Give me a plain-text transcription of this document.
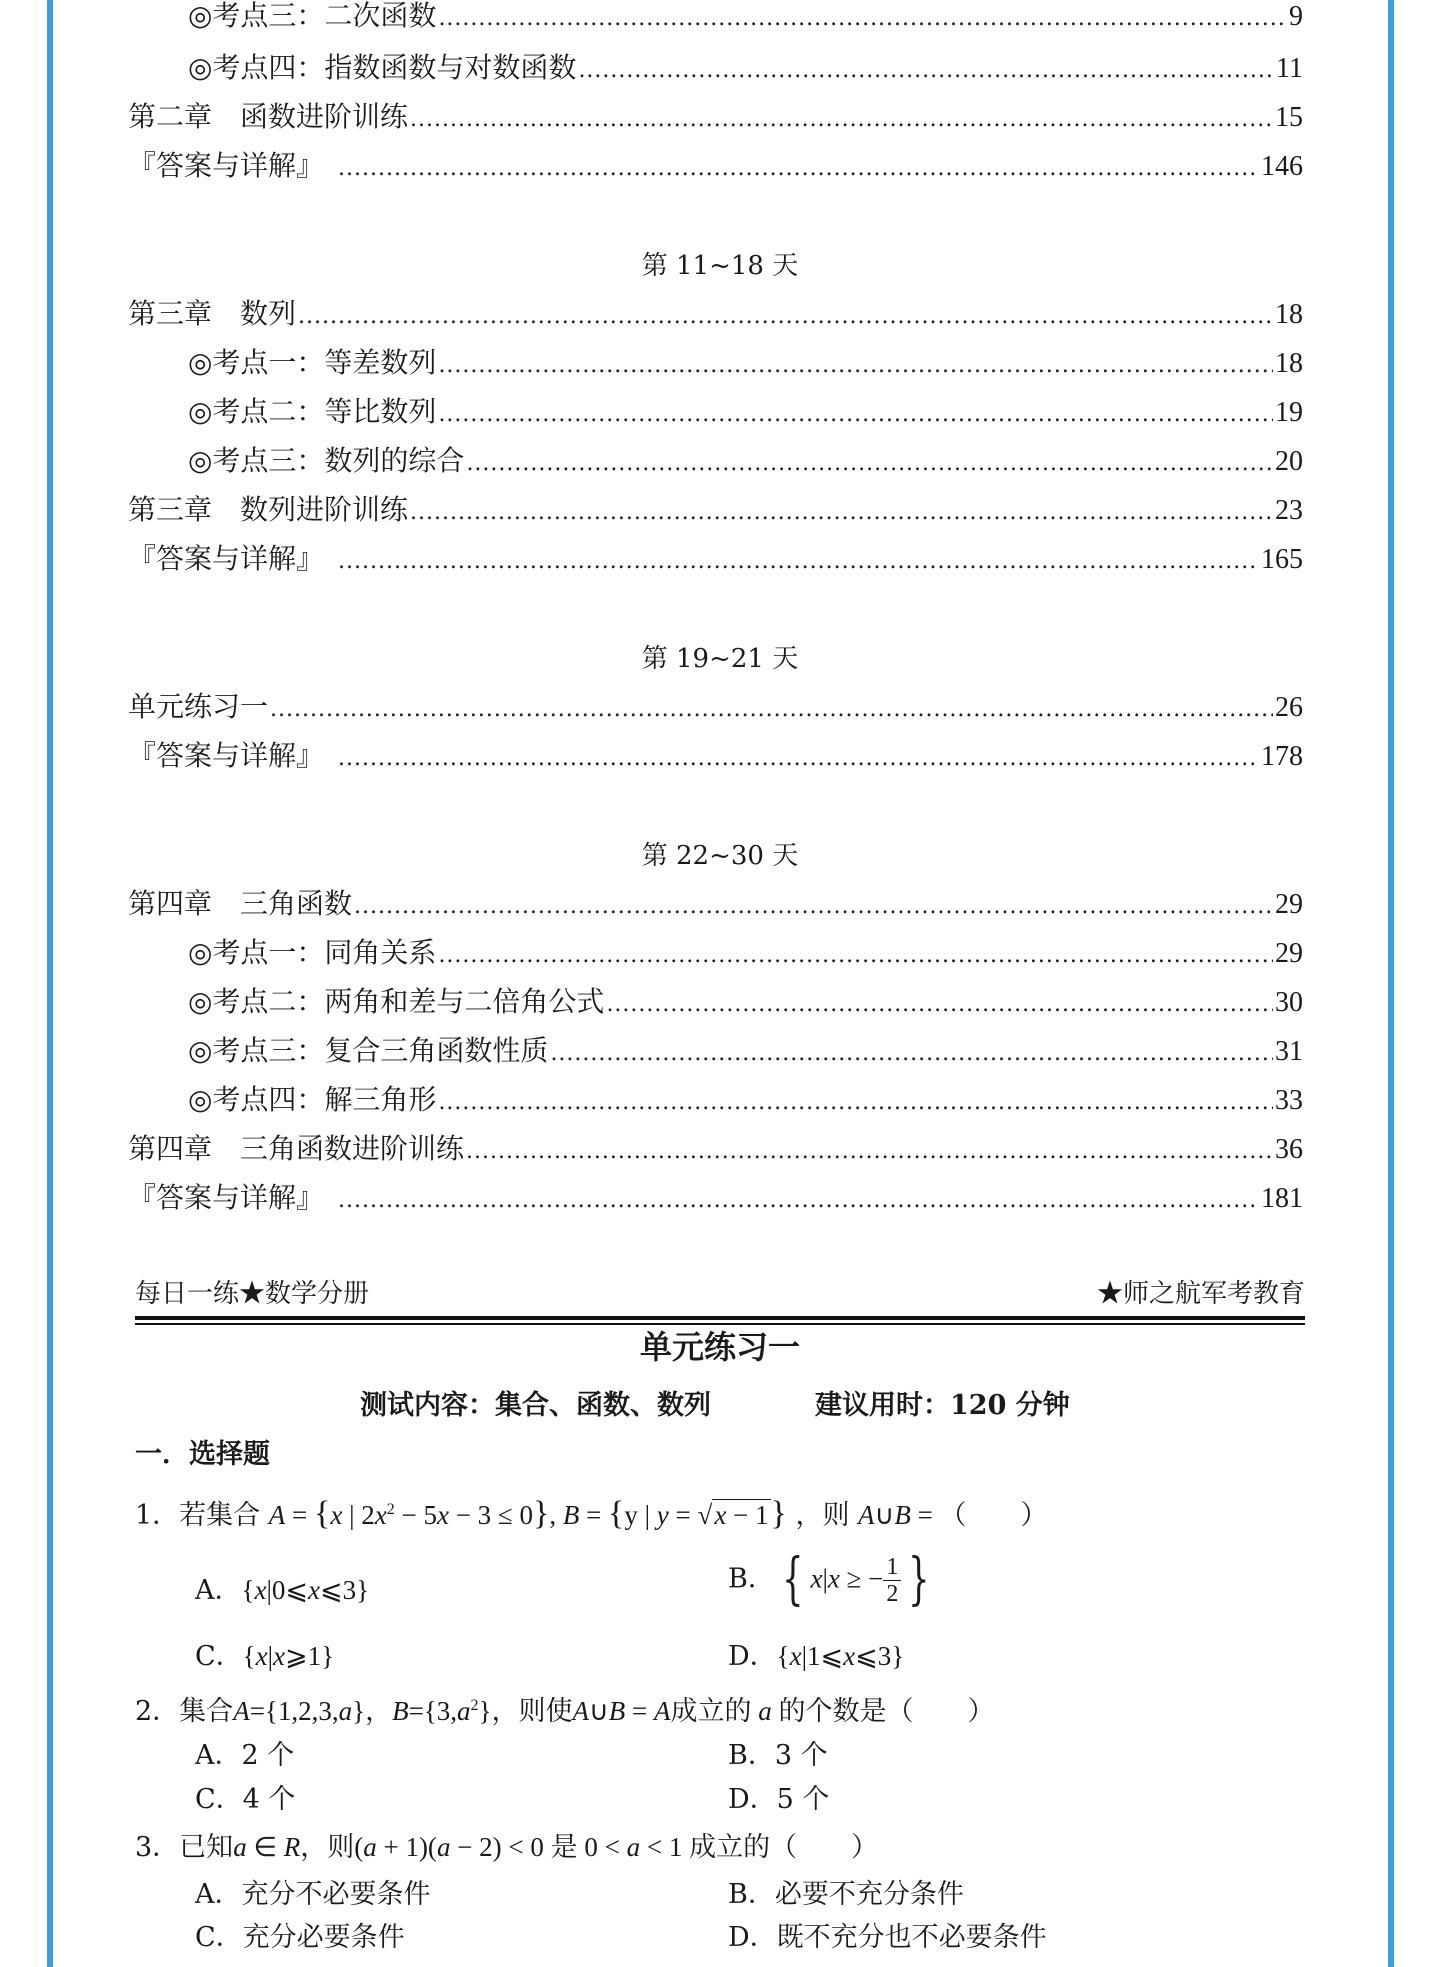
◎考点三：二次函数 .....	9
◎考点四：指数函数与对数函数 .....	11
第二章　函数进阶训练 .....	15
『答案与详解』 .....	146
第 11~18 天
第三章　数列 .....	18
◎考点一：等差数列 .....	18
◎考点二：等比数列 .....	19
◎考点三：数列的综合 .....	20
第三章　数列进阶训练 .....	23
『答案与详解』 .....	165
第 19~21 天
单元练习一 .....	26
『答案与详解』 .....	178
第 22~30 天
第四章　三角函数 .....	29
◎考点一：同角关系 .....	29
◎考点二：两角和差与二倍角公式 .....	30
◎考点三：复合三角函数性质 .....	31
◎考点四：解三角形 .....	33
第四章　三角函数进阶训练 .....	36
『答案与详解』 .....	181
每日一练★数学分册	★师之航军考教育
单元练习一
测试内容：集合、函数、数列	建议用时：120 分钟
一．选择题
1．若集合 A = {x | $2x^2 - 5x - 3 \le 0$}, B = {y | y = √x − 1} ，则 A∪B = （　　）
A．{x|0⩽x⩽3}	B． { x|x ≥ − $\frac{1}{2}$ }
C．{x|x⩾1}	D．{x|1⩽x⩽3}
2．集合A={1,2,3,a}，$B=\{3,a^2\}$，则使A∪B = A成立的 a 的个数是（　　）
A．2 个	B．3 个
C．4 个	D．5 个
3．已知a ∈ R，则(a + 1)(a − 2) < 0 是 0 < a < 1 成立的（　　）
A．充分不必要条件	B．必要不充分条件
C．充分必要条件	D．既不充分也不必要条件
